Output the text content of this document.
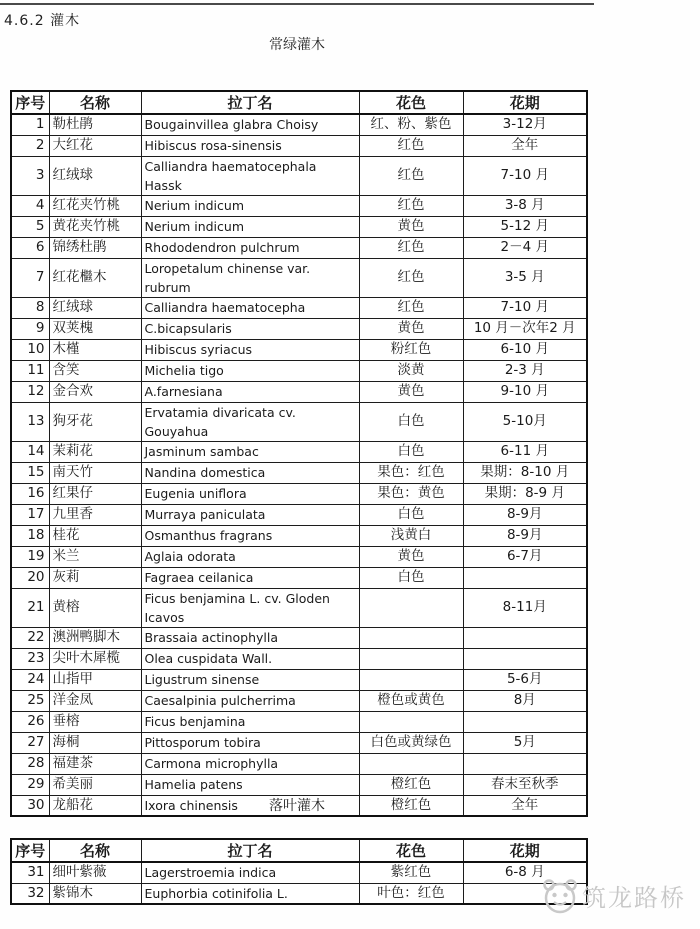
4.6.2 灌木
常绿灌木
序号	名称	拉丁名	花色	花期
1	勒杜鹃	Bougainvillea glabra Choisy	红、粉、紫色	3-12月
2	大红花	Hibiscus rosa-sinensis	红色	全年
3	红绒球	Calliandra haematocephala Hassk	红色	7-10 月
4	红花夹竹桃	Nerium indicum	红色	3-8 月
5	黄花夹竹桃	Nerium indicum	黄色	5-12 月
6	锦绣杜鹃	Rhododendron pulchrum	红色	2－4 月
7	红花檵木	Loropetalum chinense var. rubrum	红色	3-5 月
8	红绒球	Calliandra haematocepha	红色	7-10 月
9	双荚槐	C.bicapsularis	黄色	10 月－次年2 月
10	木槿	Hibiscus syriacus	粉红色	6-10 月
11	含笑	Michelia tigo	淡黄	2-3 月
12	金合欢	A.farnesiana	黄色	9-10 月
13	狗牙花	Ervatamia divaricata cv. Gouyahua	白色	5-10月
14	茉莉花	Jasminum sambac	白色	6-11 月
15	南天竹	Nandina domestica	果色：红色	果期：8-10 月
16	红果仔	Eugenia uniflora	果色：黄色	果期：8-9 月
17	九里香	Murraya paniculata	白色	8-9月
18	桂花	Osmanthus fragrans	浅黄白	8-9月
19	米兰	Aglaia odorata	黄色	6-7月
20	灰莉	Fagraea ceilanica	白色	
21	黄榕	Ficus benjamina L. cv. Gloden Icavos		8-11月
22	澳洲鸭脚木	Brassaia actinophylla		
23	尖叶木犀榄	Olea cuspidata Wall.		
24	山指甲	Ligustrum sinense		5-6月
25	洋金凤	Caesalpinia pulcherrima	橙色或黄色	8月
26	垂榕	Ficus benjamina		
27	海桐	Pittosporum tobira	白色或黄绿色	5月
28	福建茶	Carmona microphylla		
29	希美丽	Hamelia patens	橙红色	春末至秋季
30	龙船花	Ixora chinensis	橙红色	全年
落叶灌木
序号	名称	拉丁名	花色	花期
31	细叶紫薇	Lagerstroemia indica	紫红色	6-8 月
32	紫锦木	Euphorbia cotinifolia L.	叶色：红色		筑龙路桥
